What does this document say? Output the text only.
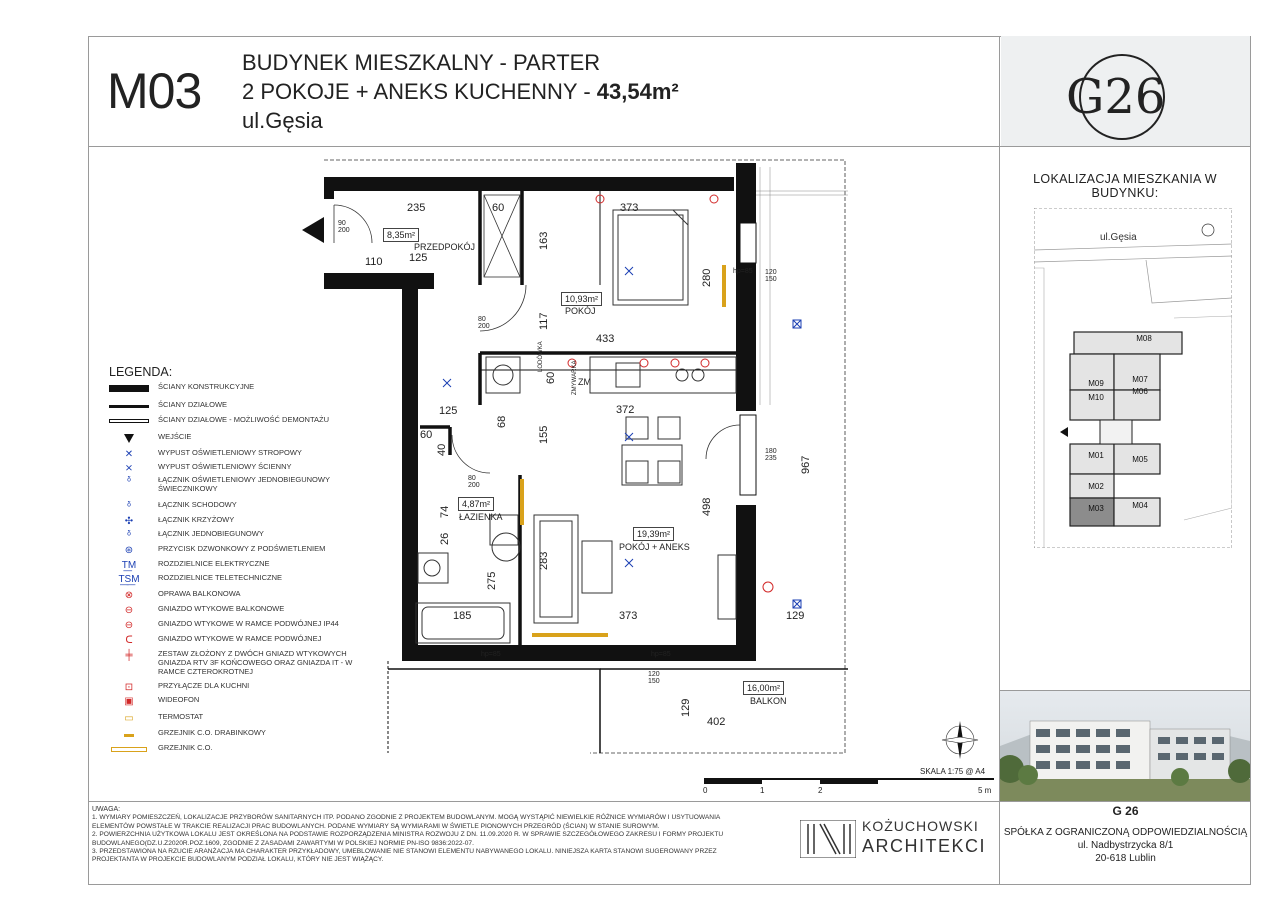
M03
BUDYNEK MIESZKALNY - PARTER
2 POKOJE + ANEKS KUCHENNY - 43,54m²
ul.Gęsia	G26
LOKALIZACJA MIESZKANIA W BUDYNKU:
ul.Gęsia
M08
M09	M07
M10
M06
M01	M05
M02
M03	M04
LEGENDA:
ŚCIANY KONSTRUKCYJNE
ŚCIANY DZIAŁOWE
ŚCIANY DZIAŁOWE - MOŻLIWOŚĆ DEMONTAŻU
WEJŚCIE
✕	WYPUST OŚWIETLENIOWY STROPOWY
⨯	WYPUST OŚWIETLENIOWY ŚCIENNY
ᵟ	ŁĄCZNIK OŚWIETLENIOWY JEDNOBIEGUNOWY ŚWIECZNIKOWY
ᵟ	ŁĄCZNIK SCHODOWY
✣	ŁĄCZNIK KRZYŻOWY
ᵟ	ŁĄCZNIK JEDNOBIEGUNOWY
⊛	PRZYCISK DZWONKOWY Z PODŚWIETLENIEM
T͟M	ROZDZIELNICE ELEKTRYCZNE
T͟S͟M	ROZDZIELNICE TELETECHNICZNE
⊗	OPRAWA BALKONOWA
⊖	GNIAZDO WTYKOWE BALKONOWE
⊖	GNIAZDO WTYKOWE W RAMCE PODWÓJNEJ IP44
ᑕ	GNIAZDO WTYKOWE W RAMCE PODWÓJNEJ
╪	ZESTAW ZŁOŻONY Z DWÓCH GNIAZD WTYKOWYCH GNIAZDA RTV 3F KOŃCOWEGO ORAZ GNIAZDA IT - W RAMCE CZTEROKROTNEJ
⊡	PRZYŁĄCZE DLA KUCHNI
▣	WIDEOFON
▭	TERMOSTAT
▬	GRZEJNIK C.O. DRABINKOWY
GRZEJNIK C.O.
8,35m²
PRZEDPOKÓJ
10,93m²
POKÓJ
4,87m²
ŁAZIENKA
19,39m²
POKÓJ + ANEKS
16,00m²
BALKON
235	60	373
125
110
433
372
125
60
185	373	129
402
163
280
117
155
283
275
498
967
129
74
26
40
68
60
120
150
180
235
120
150
80
200
80
200
90
200
hp=85
hp=85	hp=85
ZM
LODÓWKA
ZMYWARKA
SKALA 1:75 @ A4
0	1	2	5 m
UWAGA:
1. WYMIARY POMIESZCZEŃ, LOKALIZACJE PRZYBORÓW SANITARNYCH ITP. PODANO ZGODNIE Z PROJEKTEM BUDOWLANYM. MOGĄ WYSTĄPIĆ NIEWIELKIE RÓŻNICE WYMIARÓW I USYTUOWANIA
ELEMENTÓW POWSTAŁE W TRAKCIE REALIZACJI PRAC BUDOWLANYCH. PODANE WYMIARY SĄ WYMIARAMI W ŚWIETLE PIONOWYCH PRZEGRÓD (ŚCIAN) W STANIE SUROWYM.
2. POWIERZCHNIA UŻYTKOWA LOKALU JEST OKREŚLONA NA PODSTAWIE ROZPORZĄDZENIA MINISTRA ROZWOJU Z DN. 11.09.2020 R. W SPRAWIE SZCZEGÓŁOWEGO ZAKRESU I FORMY PROJEKTU
BUDOWLANEGO(DZ.U.Z2020R.POZ.1609, ZGODNIE Z ZASADAMI ZAWARTYMI W POLSKIEJ NORMIE PN-ISO 9836:2022-07.
3. PRZEDSTAWIONA NA RZUCIE ARANŻACJA MA CHARAKTER PRZYKŁADOWY, UMEBLOWANIE NIE STANOWI ELEMENTU NABYWANEGO LOKALU. NINIEJSZA KARTA STANOWI SUGEROWANY PRZEZ
PROJEKTANTA W PROJEKCIE BUDOWLANYM PODZIAŁ LOKALU, KTÓRY NIE JEST WIĄŻĄCY.
KOŻUCHOWSKI
ARCHITEKCI
G 26
SPÓŁKA Z OGRANICZONĄ ODPOWIEDZIALNOŚCIĄ
ul. Nadbystrzycka 8/1
20-618 Lublin
